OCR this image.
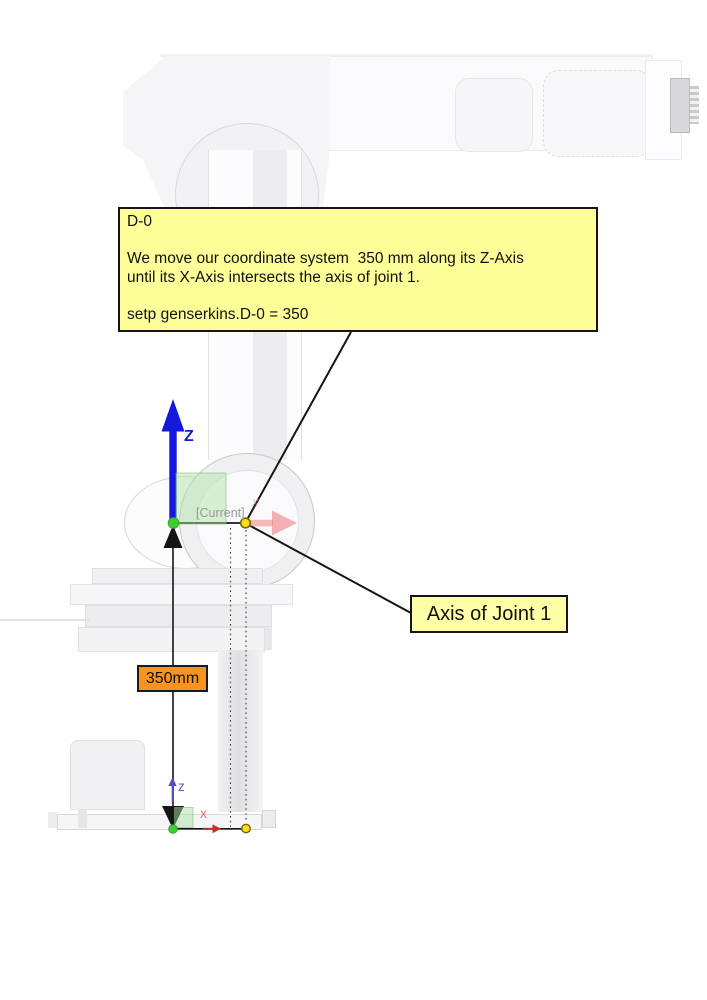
D-0
We move our coordinate system  350 mm along its Z-Axis
until its X-Axis intersects the axis of joint 1.
setp genserkins.D-0 = 350
Axis of Joint 1
350mm
Z
[Current]
x
z
x
